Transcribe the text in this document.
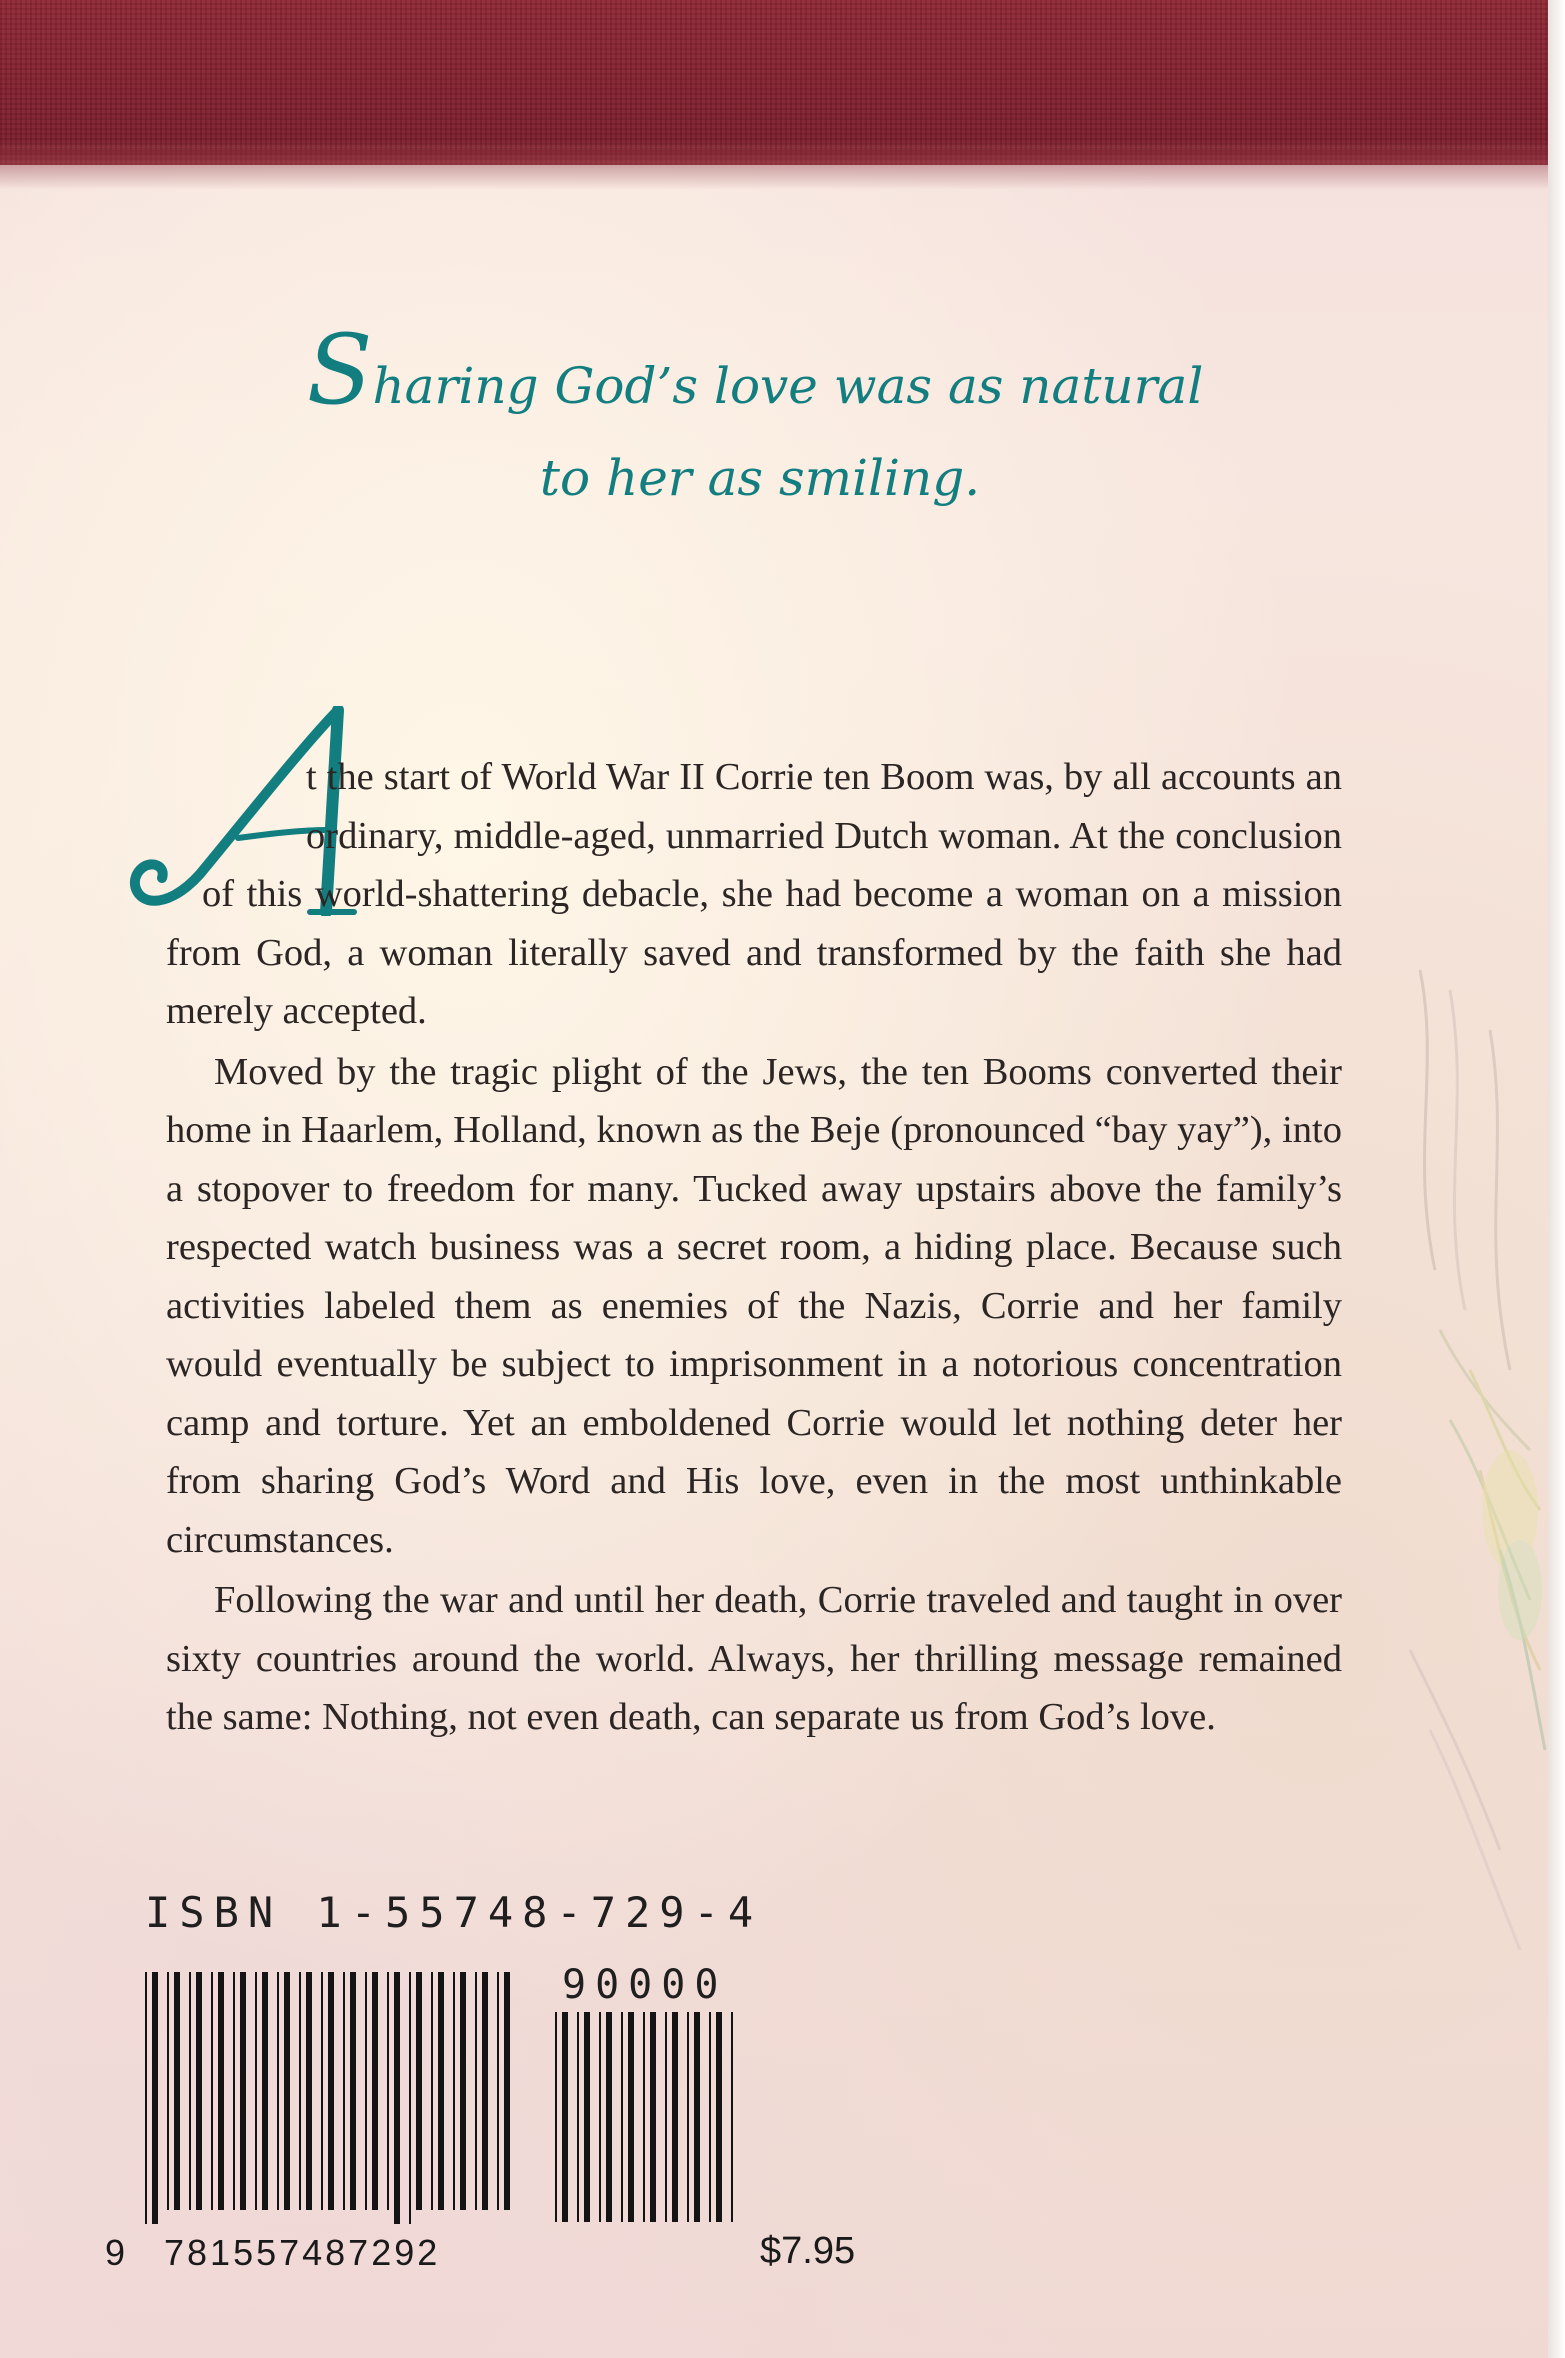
Sharing God’s love was as natural
to her as smiling.

t the start of World War II Corrie ten Boom was, by all accounts an ordinary, middle-aged, unmarried Dutch woman. At the conclusion of this world-shattering debacle, she had become a woman on a mission from God, a woman literally saved and transformed by the faith she had merely accepted.

Moved by the tragic plight of the Jews, the ten Booms converted their home in Haarlem, Holland, known as the Beje (pronounced “bay yay”), into a stopover to freedom for many. Tucked away upstairs above the family’s respected watch business was a secret room, a hiding place. Because such activities labeled them as enemies of the Nazis, Corrie and her family would eventually be subject to imprisonment in a notorious concentration camp and torture. Yet an emboldened Corrie would let nothing deter her from sharing God’s Word and His love, even in the most unthinkable circumstances.

Following the war and until her death, Corrie traveled and taught in over sixty countries around the world. Always, her thrilling message remained the same: Nothing, not even death, can separate us from God’s love.

ISBN 1-55748-729-4
90000
9 781557487292	$7.95
